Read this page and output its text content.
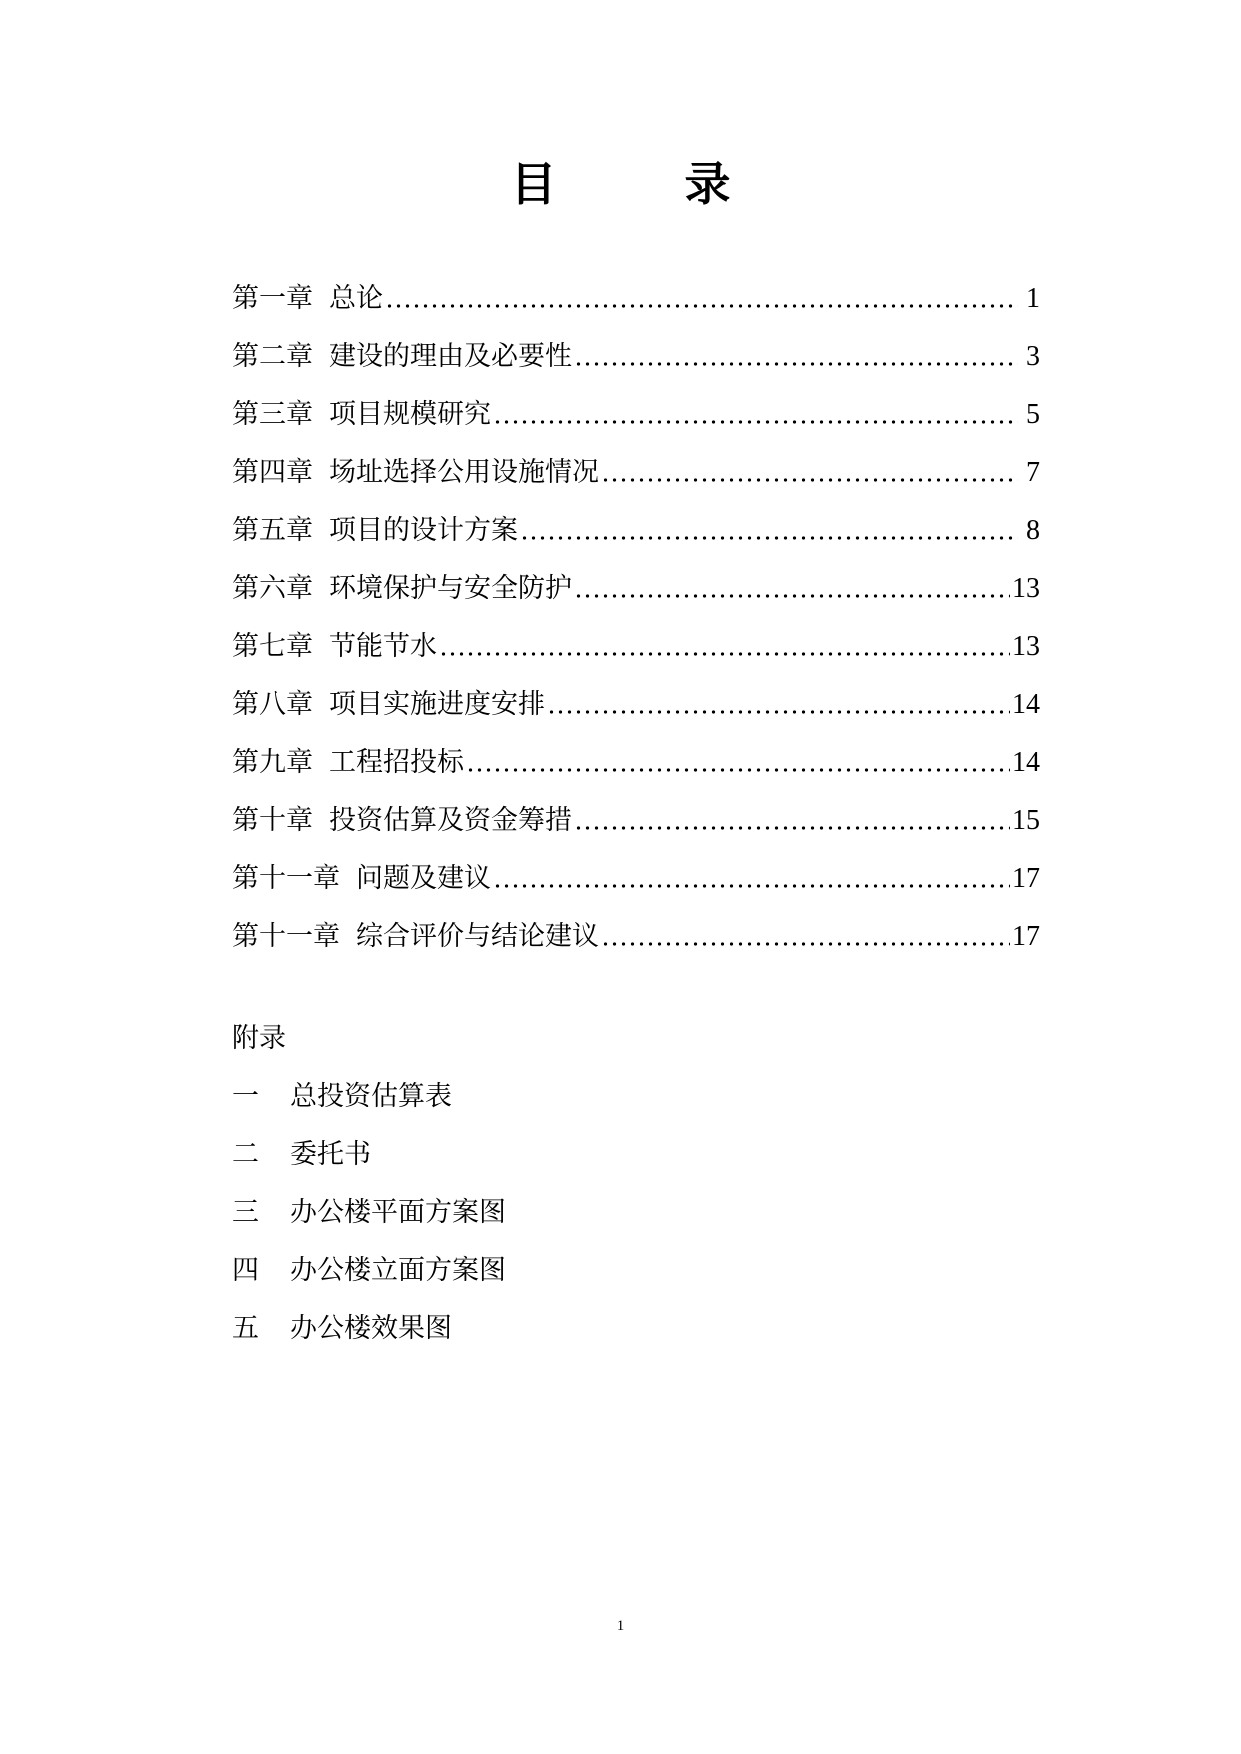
目	录
第一章 总论	1
第二章 建设的理由及必要性	3
第三章 项目规模研究	5
第四章 场址选择公用设施情况	7
第五章 项目的设计方案	8
第六章 环境保护与安全防护	13
第七章 节能节水	13
第八章 项目实施进度安排	14
第九章 工程招投标	14
第十章 投资估算及资金筹措	15
第十一章 问题及建议	17
第十一章 综合评价与结论建议	17
附录
一	总投资估算表
二	委托书
三	办公楼平面方案图
四	办公楼立面方案图
五	办公楼效果图
1
